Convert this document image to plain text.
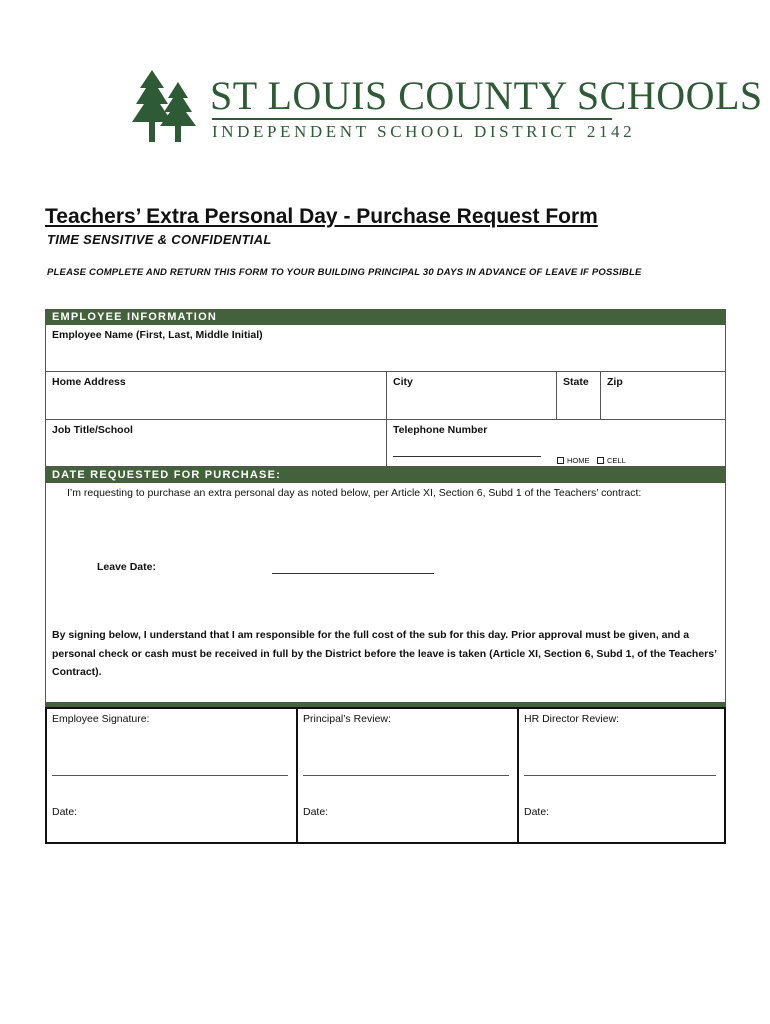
ST LOUIS COUNTY SCHOOLS
INDEPENDENT SCHOOL DISTRICT 2142
Teachers’ Extra Personal Day - Purchase Request Form
TIME SENSITIVE & CONFIDENTIAL
PLEASE COMPLETE AND RETURN THIS FORM TO YOUR BUILDING PRINCIPAL 30 DAYS IN ADVANCE OF LEAVE IF POSSIBLE
EMPLOYEE INFORMATION
Employee Name (First, Last, Middle Initial)
Home Address	City	State	Zip
Job Title/School	Telephone Number
HOME CELL
DATE REQUESTED FOR PURCHASE:
I’m requesting to purchase an extra personal day as noted below, per Article XI, Section 6, Subd 1 of the Teachers’ contract:
Leave Date:
By signing below, I understand that I am responsible for the full cost of the sub for this day. Prior approval must be given, and a personal check or cash must be received in full by the District before the leave is taken (Article XI, Section 6, Subd 1, of the Teachers’ Contract).
Employee Signature:
Date:
Principal’s Review:
Date:
HR Director Review:
Date:
